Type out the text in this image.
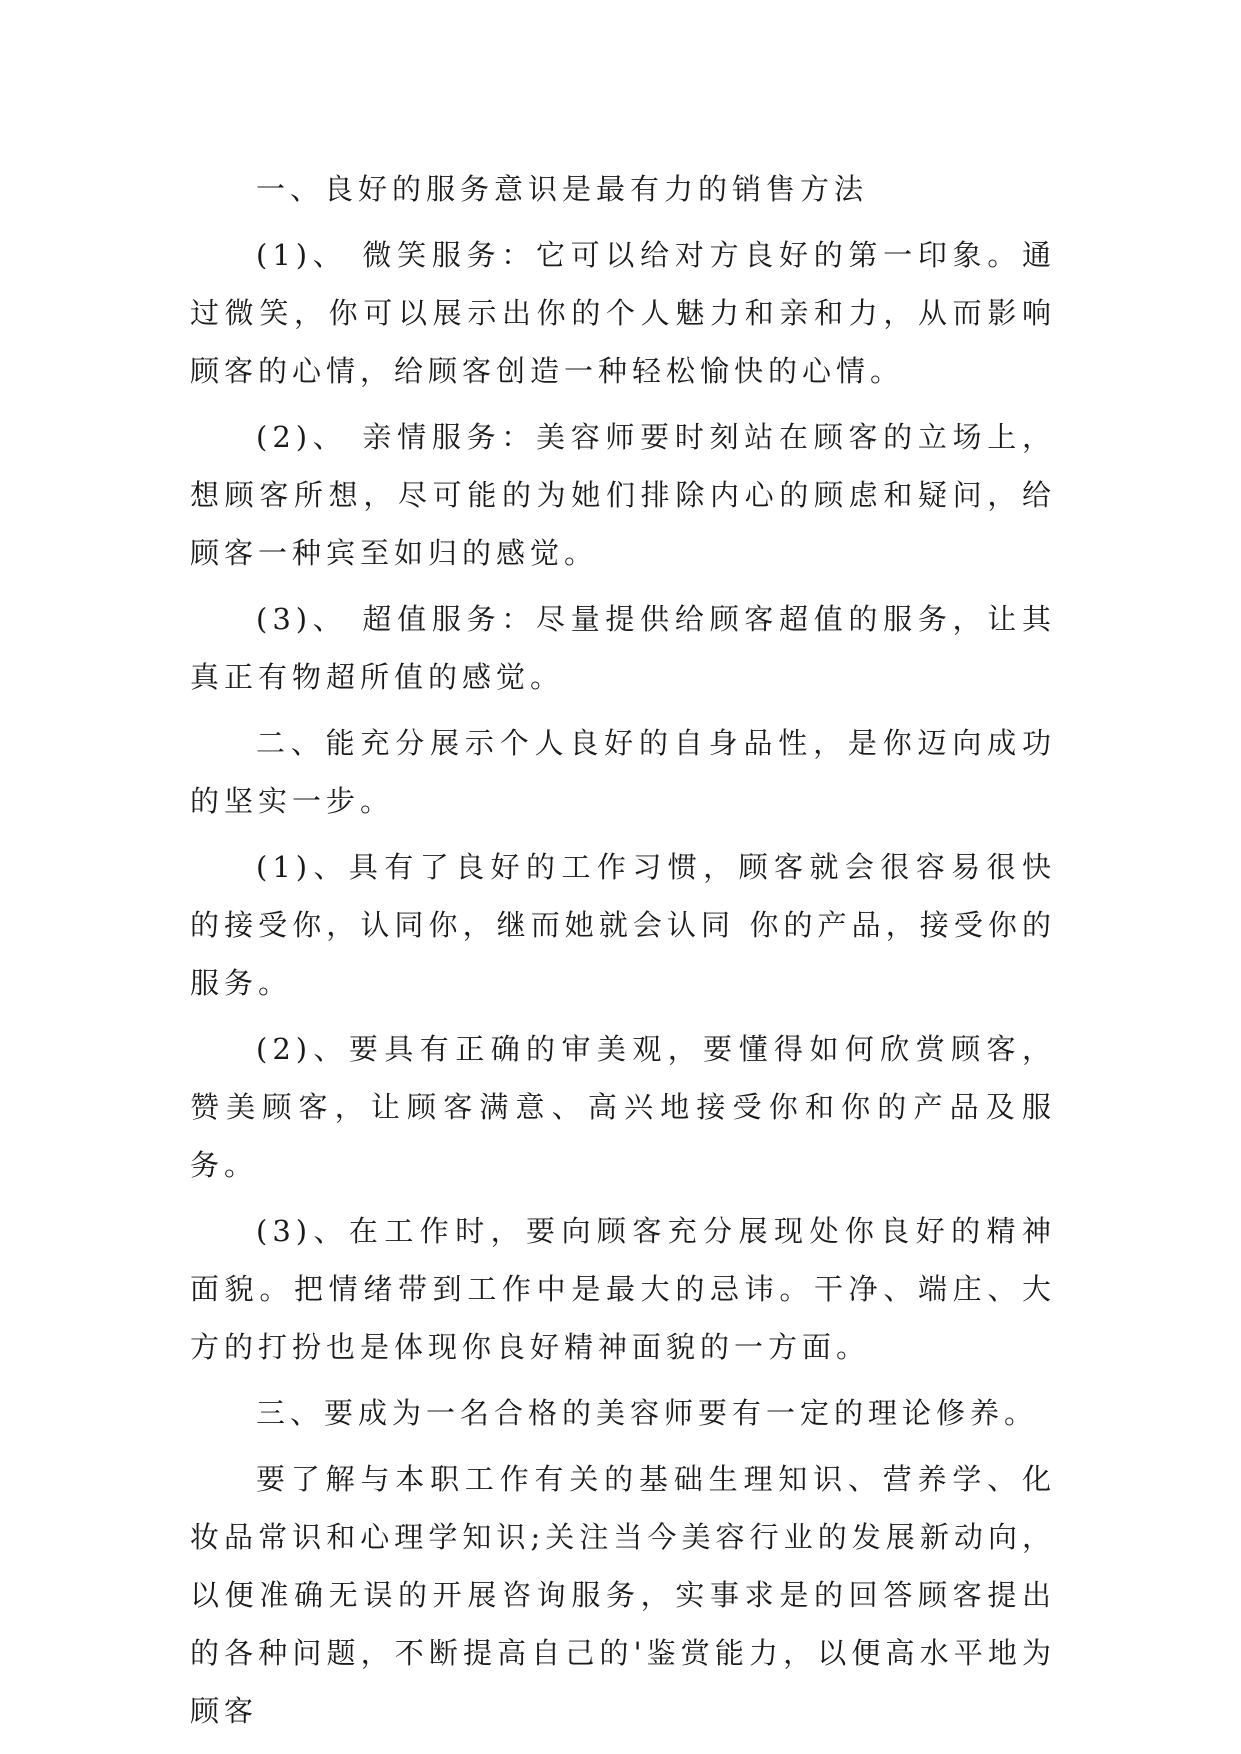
一、良好的服务意识是最有力的销售方法

(1)、 微笑服务：它可以给对方良好的第一印象。通过微笑，你可以展示出你的个人魅力和亲和力，从而影响顾客的心情，给顾客创造一种轻松愉快的心情。

(2)、 亲情服务：美容师要时刻站在顾客的立场上，想顾客所想，尽可能的为她们排除内心的顾虑和疑问，给顾客一种宾至如归的感觉。

(3)、 超值服务：尽量提供给顾客超值的服务，让其真正有物超所值的感觉。

二、能充分展示个人良好的自身品性，是你迈向成功的坚实一步。

(1)、具有了良好的工作习惯，顾客就会很容易很快的接受你，认同你，继而她就会认同 你的产品，接受你的服务。

(2)、要具有正确的审美观，要懂得如何欣赏顾客，赞美顾客，让顾客满意、高兴地接受你和你的产品及服务。

(3)、在工作时，要向顾客充分展现处你良好的精神面貌。把情绪带到工作中是最大的忌讳。干净、端庄、大方的打扮也是体现你良好精神面貌的一方面。

三、要成为一名合格的美容师要有一定的理论修养。

要了解与本职工作有关的基础生理知识、营养学、化妆品常识和心理学知识;关注当今美容行业的发展新动向，以便准确无误的开展咨询服务，实事求是的回答顾客提出的各种问题，不断提高自己的'鉴赏能力，以便高水平地为顾客
